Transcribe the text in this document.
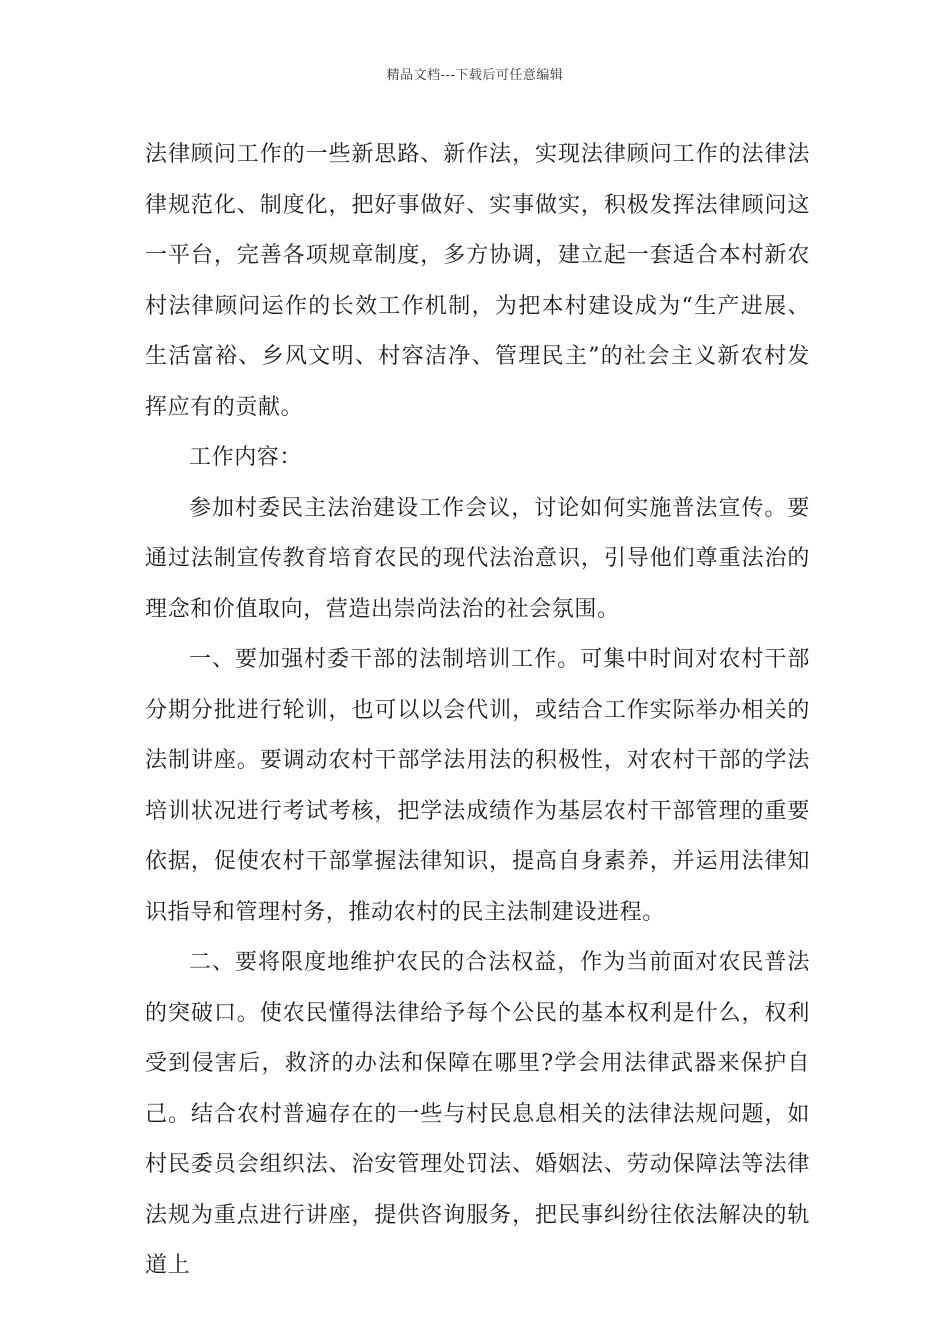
精品文档---下载后可任意编辑

法律顾问工作的一些新思路、新作法，实现法律顾问工作的法律法律规范化、制度化，把好事做好、实事做实，积极发挥法律顾问这一平台，完善各项规章制度，多方协调，建立起一套适合本村新农村法律顾问运作的长效工作机制，为把本村建设成为“生产进展、生活富裕、乡风文明、村容洁净、管理民主”的社会主义新农村发挥应有的贡献。

工作内容：

参加村委民主法治建设工作会议，讨论如何实施普法宣传。要通过法制宣传教育培育农民的现代法治意识，引导他们尊重法治的理念和价值取向，营造出崇尚法治的社会氛围。

一、要加强村委干部的法制培训工作。可集中时间对农村干部分期分批进行轮训，也可以以会代训，或结合工作实际举办相关的法制讲座。要调动农村干部学法用法的积极性，对农村干部的学法培训状况进行考试考核，把学法成绩作为基层农村干部管理的重要依据，促使农村干部掌握法律知识，提高自身素养，并运用法律知识指导和管理村务，推动农村的民主法制建设进程。

二、要将限度地维护农民的合法权益，作为当前面对农民普法的突破口。使农民懂得法律给予每个公民的基本权利是什么，权利受到侵害后，救济的办法和保障在哪里?学会用法律武器来保护自己。结合农村普遍存在的一些与村民息息相关的法律法规问题，如村民委员会组织法、治安管理处罚法、婚姻法、劳动保障法等法律法规为重点进行讲座，提供咨询服务，把民事纠纷往依法解决的轨道上
